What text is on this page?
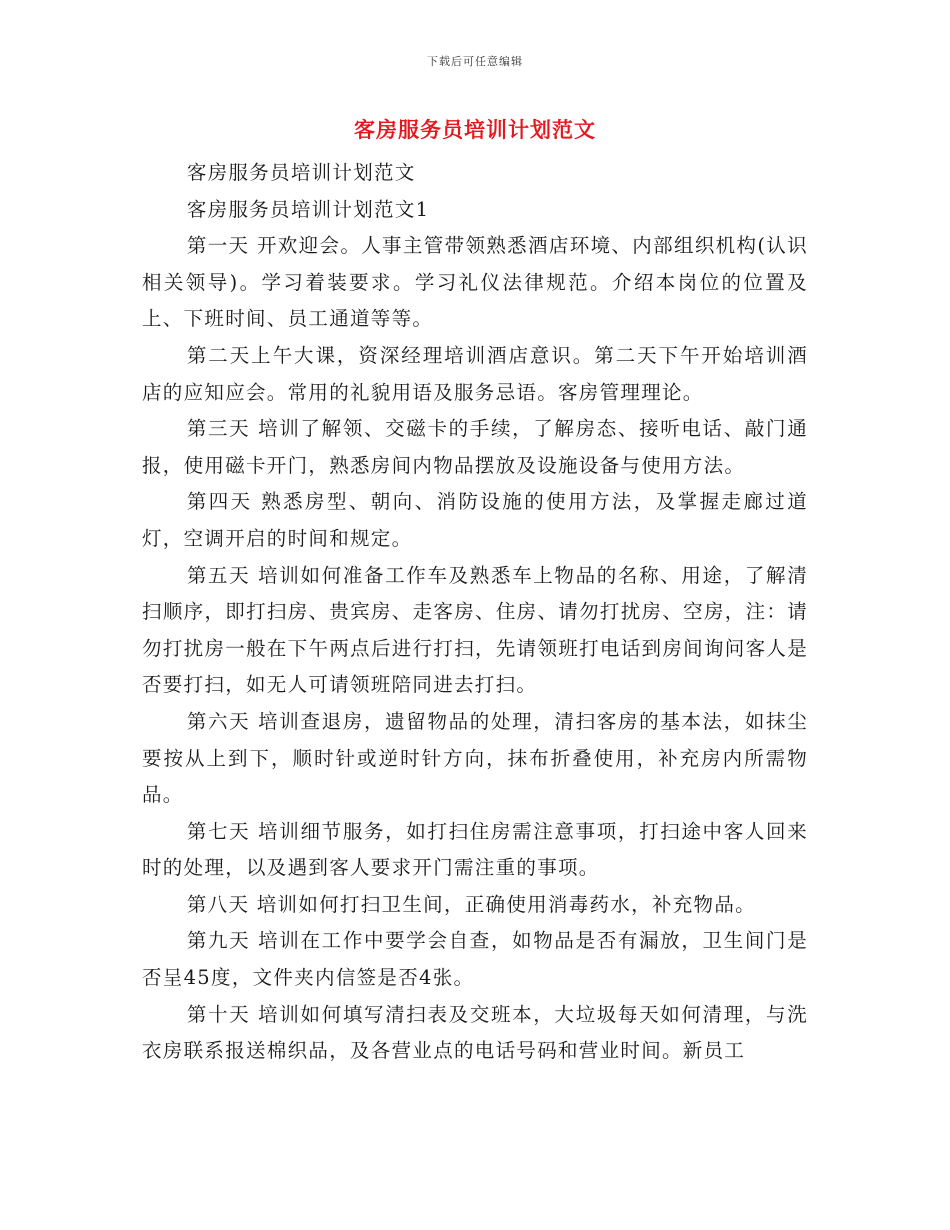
下载后可任意编辑
客房服务员培训计划范文

客房服务员培训计划范文

客房服务员培训计划范文1

第一天 开欢迎会。人事主管带领熟悉酒店环境、内部组织机构(认识相关领导)。学习着装要求。学习礼仪法律规范。介绍本岗位的位置及上、下班时间、员工通道等等。

第二天上午大课，资深经理培训酒店意识。第二天下午开始培训酒店的应知应会。常用的礼貌用语及服务忌语。客房管理理论。

第三天 培训了解领、交磁卡的手续，了解房态、接听电话、敲门通报，使用磁卡开门，熟悉房间内物品摆放及设施设备与使用方法。

第四天 熟悉房型、朝向、消防设施的使用方法，及掌握走廊过道灯，空调开启的时间和规定。

第五天 培训如何准备工作车及熟悉车上物品的名称、用途，了解清扫顺序，即打扫房、贵宾房、走客房、住房、请勿打扰房、空房，注：请勿打扰房一般在下午两点后进行打扫，先请领班打电话到房间询问客人是否要打扫，如无人可请领班陪同进去打扫。

第六天 培训查退房，遗留物品的处理，清扫客房的基本法，如抹尘要按从上到下，顺时针或逆时针方向，抹布折叠使用，补充房内所需物品。

第七天 培训细节服务，如打扫住房需注意事项，打扫途中客人回来时的处理，以及遇到客人要求开门需注重的事项。

第八天 培训如何打扫卫生间，正确使用消毒药水，补充物品。

第九天 培训在工作中要学会自查，如物品是否有漏放，卫生间门是否呈45度，文件夹内信签是否4张。

第十天 培训如何填写清扫表及交班本，大垃圾每天如何清理，与洗衣房联系报送棉织品，及各营业点的电话号码和营业时间。新员工
